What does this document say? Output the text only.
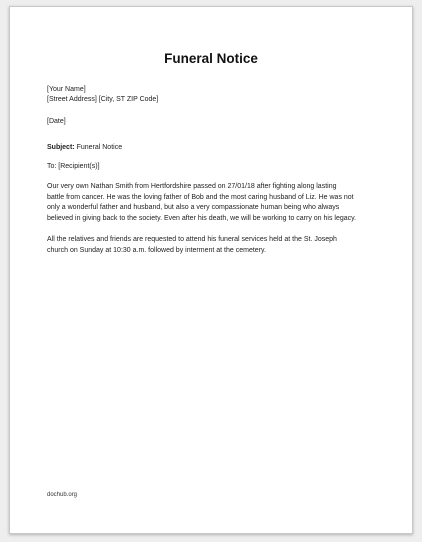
Funeral Notice
[Your Name]
[Street Address] [City, ST ZIP Code]
[Date]
Subject: Funeral Notice
To: [Recipient(s)]
Our very own Nathan Smith from Hertfordshire passed on 27/01/18 after fighting along lasting
battle from cancer. He was the loving father of Bob and the most caring husband of Liz. He was not
only a wonderful father and husband, but also a very compassionate human being who always
believed in giving back to the society. Even after his death, we will be working to carry on his legacy.
All the relatives and friends are requested to attend his funeral services held at the St. Joseph
church on Sunday at 10:30 a.m. followed by interment at the cemetery.
dochub.org
